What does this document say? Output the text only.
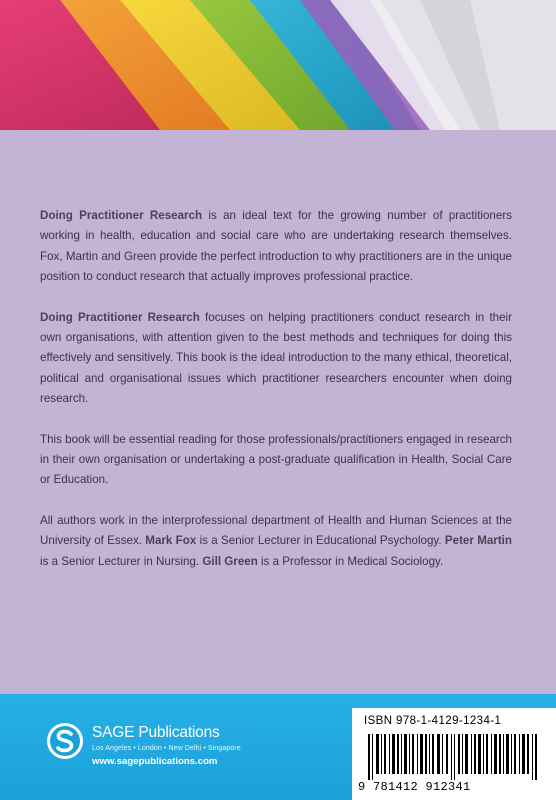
Doing Practitioner Research is an ideal text for the growing number of practitioners working in health, education and social care who are undertaking research themselves. Fox, Martin and Green provide the perfect introduction to why practitioners are in the unique position to conduct research that actually improves professional practice.

Doing Practitioner Research focuses on helping practitioners conduct research in their own organisations, with attention given to the best methods and techniques for doing this effectively and sensitively. This book is the ideal introduction to the many ethical, theoretical, political and organisational issues which practitioner researchers encounter when doing research.

This book will be essential reading for those professionals/practitioners engaged in research in their own organisation or undertaking a post-graduate qualification in Health, Social Care or Education.

All authors work in the interprofessional department of Health and Human Sciences at the University of Essex. Mark Fox is a Senior Lecturer in Educational Psychology. Peter Martin is a Senior Lecturer in Nursing. Gill Green is a Professor in Medical Sociology.

SAGE Publications
Los Angeles • London • New Delhi • Singapore
www.sagepublications.com
ISBN 978-1-4129-1234-1
9 781412 912341
